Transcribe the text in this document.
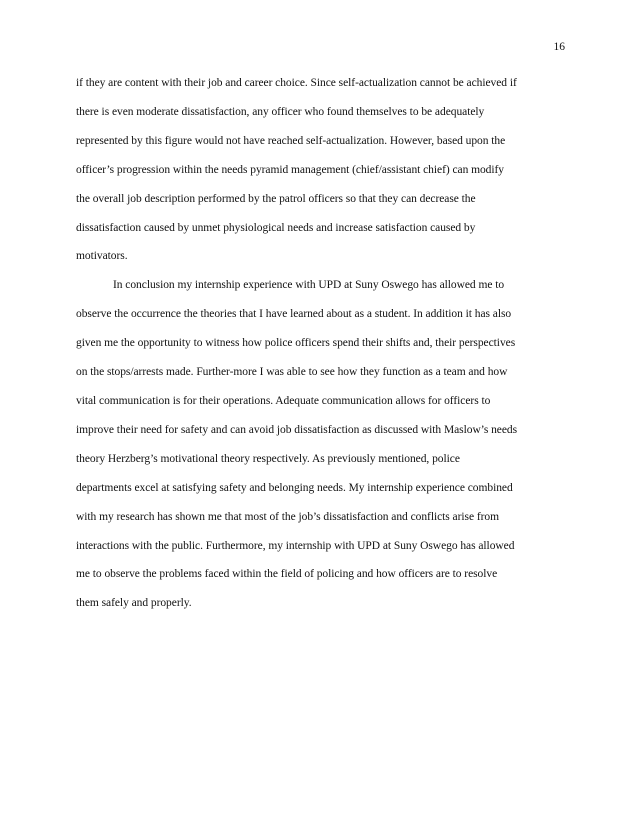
16
if they are content with their job and career choice. Since self-actualization cannot be achieved if
there is even moderate dissatisfaction, any officer who found themselves to be adequately
represented by this figure would not have reached self-actualization. However, based upon the
officer’s progression within the needs pyramid management (chief/assistant chief) can modify
the overall job description performed by the patrol officers so that they can decrease the
dissatisfaction caused by unmet physiological needs and increase satisfaction caused by
motivators.
In conclusion my internship experience with UPD at Suny Oswego has allowed me to
observe the occurrence the theories that I have learned about as a student. In addition it has also
given me the opportunity to witness how police officers spend their shifts and, their perspectives
on the stops/arrests made. Further-more I was able to see how they function as a team and how
vital communication is for their operations. Adequate communication allows for officers to
improve their need for safety and can avoid job dissatisfaction as discussed with Maslow’s needs
theory Herzberg’s motivational theory respectively. As previously mentioned, police
departments excel at satisfying safety and belonging needs. My internship experience combined
with my research has shown me that most of the job’s dissatisfaction and conflicts arise from
interactions with the public. Furthermore, my internship with UPD at Suny Oswego has allowed
me to observe the problems faced within the field of policing and how officers are to resolve
them safely and properly.
